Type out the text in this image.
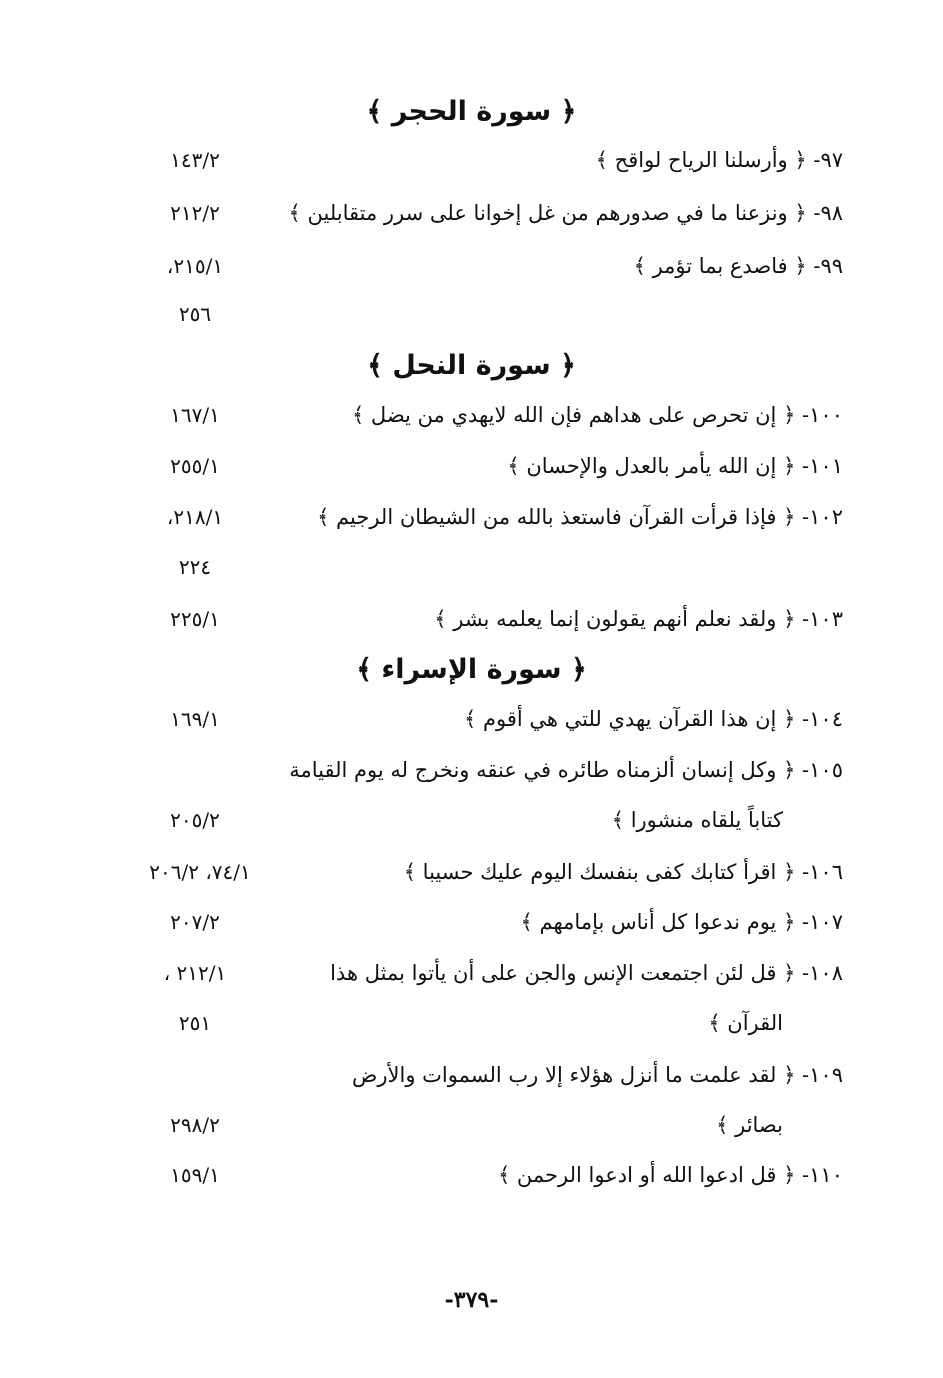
﴿ سورة الحجر ﴾
٩٧- ﴿ وأرسلنا الرياح لواقح ﴾
١٤٣/٢
٩٨- ﴿ ونزعنا ما في صدورهم من غل إخوانا على سرر متقابلين ﴾
٢١٢/٢
٩٩- ﴿ فاصدع بما تؤمر ﴾
٢١٥/١،
٢٥٦
﴿ سورة النحل ﴾
١٠٠- ﴿ إن تحرص على هداهم فإن الله لايهدي من يضل ﴾
١٦٧/١
١٠١- ﴿ إن الله يأمر بالعدل والإحسان ﴾
٢٥٥/١
١٠٢- ﴿ فإذا قرأت القرآن فاستعذ بالله من الشيطان الرجيم ﴾
٢١٨/١،
٢٢٤
١٠٣- ﴿ ولقد نعلم أنهم يقولون إنما يعلمه بشر ﴾
٢٢٥/١
﴿ سورة الإسراء ﴾
١٠٤- ﴿ إن هذا القرآن يهدي للتي هي أقوم ﴾
١٦٩/١
١٠٥- ﴿ وكل إنسان ألزمناه طائره في عنقه ونخرج له يوم القيامة
كتاباً يلقاه منشورا ﴾
٢٠٥/٢
١٠٦- ﴿ اقرأ كتابك كفى بنفسك اليوم عليك حسيبا ﴾
٧٤/١، ٢٠٦/٢
١٠٧- ﴿ يوم ندعوا كل أناس بإمامهم ﴾
٢٠٧/٢
١٠٨- ﴿ قل لئن اجتمعت الإنس والجن على أن يأتوا بمثل هذا
القرآن ﴾
٢١٢/١ ،
٢٥١
١٠٩- ﴿ لقد علمت ما أنزل هؤلاء إلا رب السموات والأرض
بصائر ﴾
٢٩٨/٢
١١٠- ﴿ قل ادعوا الله أو ادعوا الرحمن ﴾
١٥٩/١
-٣٧٩-
